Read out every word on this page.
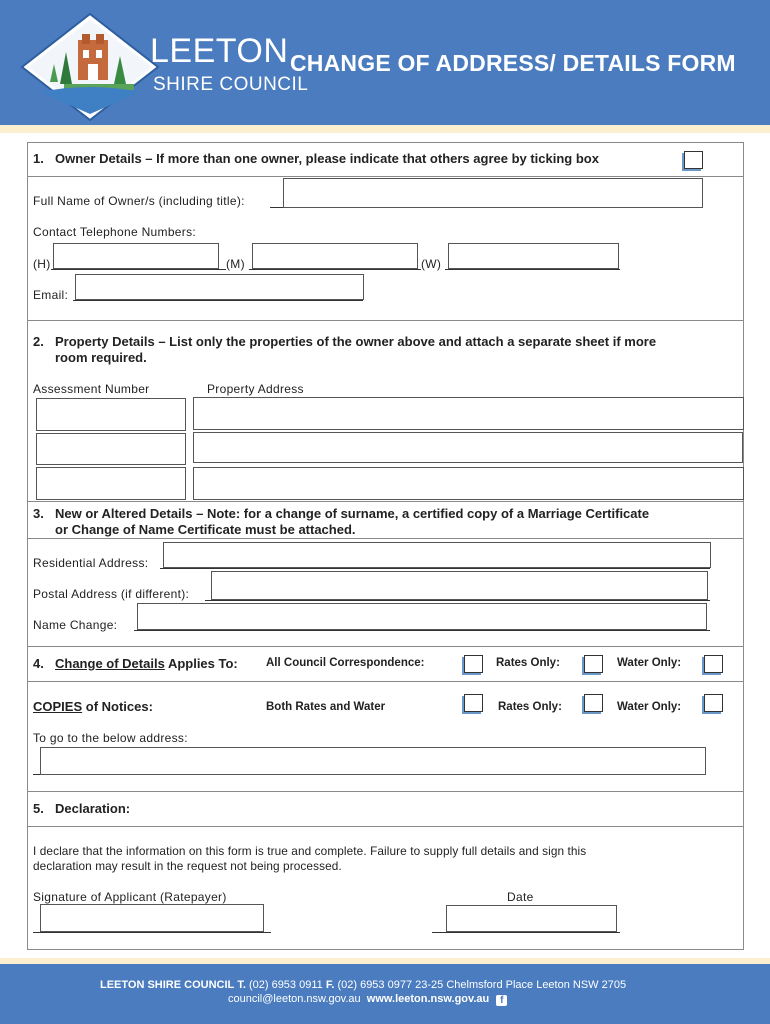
LEETON
SHIRE COUNCIL
CHANGE OF ADDRESS/ DETAILS FORM
1. Owner Details – If more than one owner, please indicate that others agree by ticking box
Full Name of Owner/s (including title):
Contact Telephone Numbers:
(H)	(M)	(W)
Email:
2. Property Details – List only the properties of the owner above and attach a separate sheet if more
room required.
Assessment Number	Property Address
3. New or Altered Details – Note: for a change of surname, a certified copy of a Marriage Certificate
or Change of Name Certificate must be attached.
Residential Address:
Postal Address (if different):
Name Change:
4. Change of Details Applies To: All Council Correspondence:	Rates Only:	Water Only:
COPIES of Notices:	Both Rates and Water	Rates Only:	Water Only:
To go to the below address:
5. Declaration:
I declare that the information on this form is true and complete. Failure to supply full details and sign this
declaration may result in the request not being processed.
Signature of Applicant (Ratepayer)	Date
LEETON SHIRE COUNCIL T. (02) 6953 0911 F. (02) 6953 0977 23-25 Chelmsford Place Leeton NSW 2705
council@leeton.nsw.gov.au www.leeton.nsw.gov.au f
